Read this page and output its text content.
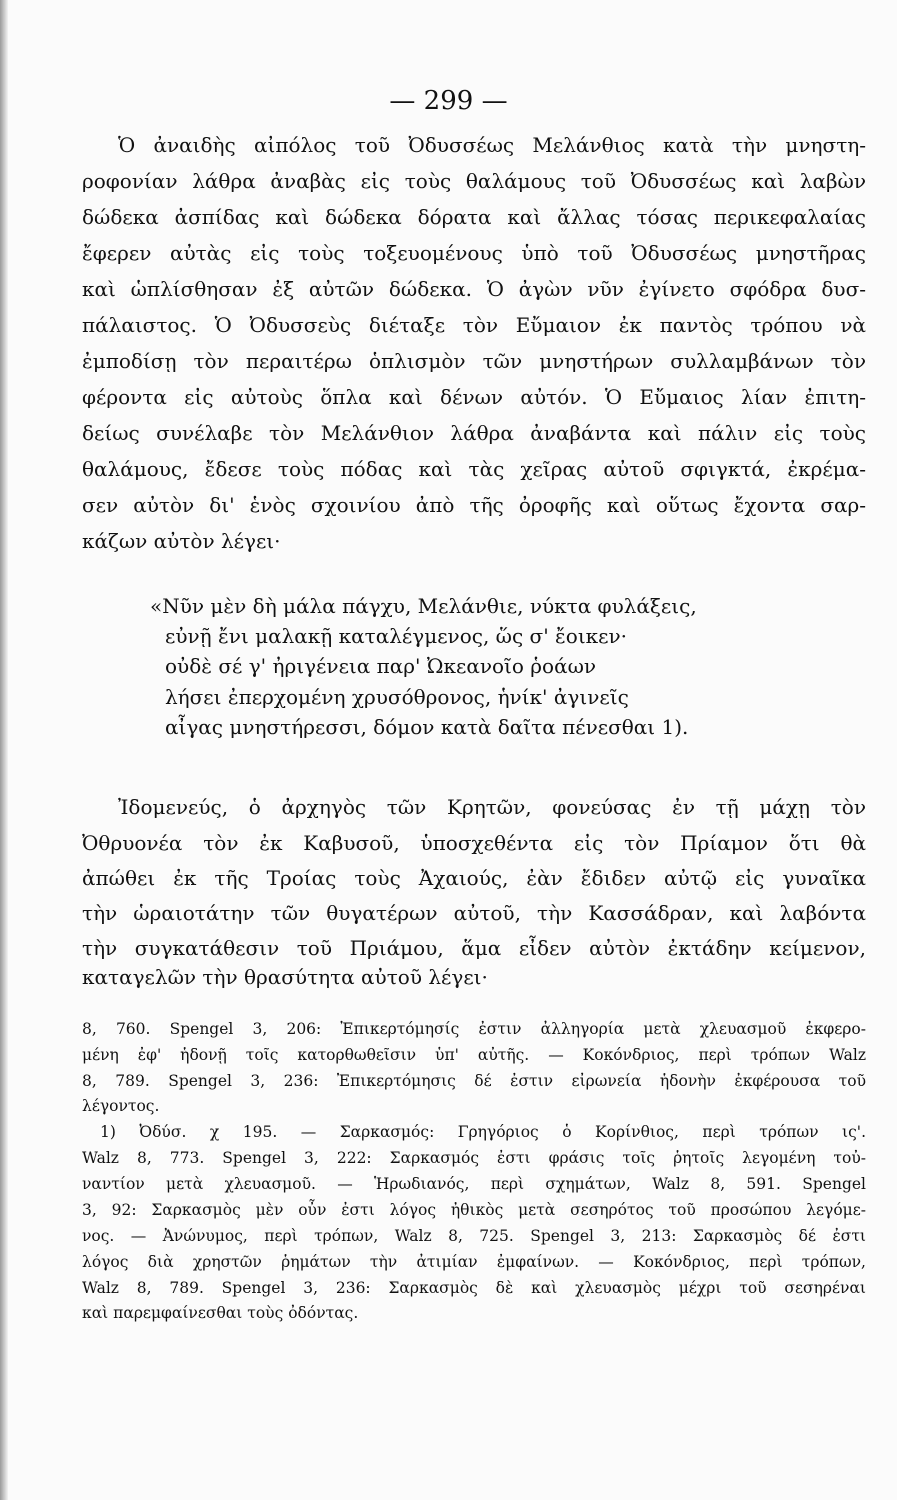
— 299 —
Ὁ ἀναιδὴς αἰπόλος τοῦ Ὀδυσσέως Μελάνθιος κατὰ τὴν μνηστη-
ροφονίαν λάθρα ἀναβὰς εἰς τοὺς θαλάμους τοῦ Ὀδυσσέως καὶ λαβὼν
δώδεκα ἀσπίδας καὶ δώδεκα δόρατα καὶ ἄλλας τόσας περικεφαλαίας
ἔφερεν αὐτὰς εἰς τοὺς τοξευομένους ὑπὸ τοῦ Ὀδυσσέως μνηστῆρας
καὶ ὡπλίσθησαν ἐξ αὐτῶν δώδεκα. Ὁ ἀγὼν νῦν ἐγίνετο σφόδρα δυσ-
πάλαιστος. Ὁ Ὀδυσσεὺς διέταξε τὸν Εὔμαιον ἐκ παντὸς τρόπου νὰ
ἐμποδίσῃ τὸν περαιτέρω ὁπλισμὸν τῶν μνηστήρων συλλαμβάνων τὸν
φέροντα εἰς αὐτοὺς ὅπλα καὶ δένων αὐτόν. Ὁ Εὔμαιος λίαν ἐπιτη-
δείως συνέλαβε τὸν Μελάνθιον λάθρα ἀναβάντα καὶ πάλιν εἰς τοὺς
θαλάμους, ἔδεσε τοὺς πόδας καὶ τὰς χεῖρας αὐτοῦ σφιγκτά, ἐκρέμα-
σεν αὐτὸν δι' ἑνὸς σχοινίου ἀπὸ τῆς ὀροφῆς καὶ οὕτως ἔχοντα σαρ-
κάζων αὐτὸν λέγει·
«Νῦν μὲν δὴ μάλα πάγχυ, Μελάνθιε, νύκτα φυλάξεις,
εὐνῇ ἔνι μαλακῇ καταλέγμενος, ὥς σ' ἔοικεν·
οὐδὲ σέ γ' ἠριγένεια παρ' Ὠκεανοῖο ῥοάων
λήσει ἐπερχομένη χρυσόθρονος, ἡνίκ' ἀγινεῖς
αἶγας μνηστήρεσσι, δόμον κατὰ δαῖτα πένεσθαι 1).
Ἰδομενεύς, ὁ ἀρχηγὸς τῶν Κρητῶν, φονεύσας ἐν τῇ μάχῃ τὸν
Ὀθρυονέα τὸν ἐκ Καβυσοῦ, ὑποσχεθέντα εἰς τὸν Πρίαμον ὅτι θὰ
ἀπώθει ἐκ τῆς Τροίας τοὺς Ἀχαιούς, ἐὰν ἔδιδεν αὐτῷ εἰς γυναῖκα
τὴν ὡραιοτάτην τῶν θυγατέρων αὐτοῦ, τὴν Κασσάδραν, καὶ λαβόντα
τὴν συγκατάθεσιν τοῦ Πριάμου, ἅμα εἶδεν αὐτὸν ἐκτάδην κείμενον,
καταγελῶν τὴν θρασύτητα αὐτοῦ λέγει·
8, 760. Spengel 3, 206: Ἐπικερτόμησίς ἐστιν ἀλληγορία μετὰ χλευασμοῦ ἐκφερο-
μένη ἐφ' ἡδονῇ τοῖς κατορθωθεῖσιν ὑπ' αὐτῆς. — Κοκόνδριος, περὶ τρόπων Walz
8, 789. Spengel 3, 236: Ἐπικερτόμησις δέ ἐστιν εἰρωνεία ἡδονὴν ἐκφέρουσα τοῦ
λέγοντος.
1) Ὀδύσ. χ 195. — Σαρκασμός: Γρηγόριος ὁ Κορίνθιος, περὶ τρόπων ις'.
Walz 8, 773. Spengel 3, 222: Σαρκασμός ἐστι φράσις τοῖς ῥητοῖς λεγομένη τοὐ-
ναντίον μετὰ χλευασμοῦ. — Ἡρωδιανός, περὶ σχημάτων, Walz 8, 591. Spengel
3, 92: Σαρκασμὸς μὲν οὖν ἐστι λόγος ἠθικὸς μετὰ σεσηρότος τοῦ προσώπου λεγόμε-
νος. — Ἀνώνυμος, περὶ τρόπων, Walz 8, 725. Spengel 3, 213: Σαρκασμὸς δέ ἐστι
λόγος διὰ χρηστῶν ῥημάτων τὴν ἀτιμίαν ἐμφαίνων. — Κοκόνδριος, περὶ τρόπων,
Walz 8, 789. Spengel 3, 236: Σαρκασμὸς δὲ καὶ χλευασμὸς μέχρι τοῦ σεσηρέναι
καὶ παρεμφαίνεσθαι τοὺς ὀδόντας.
